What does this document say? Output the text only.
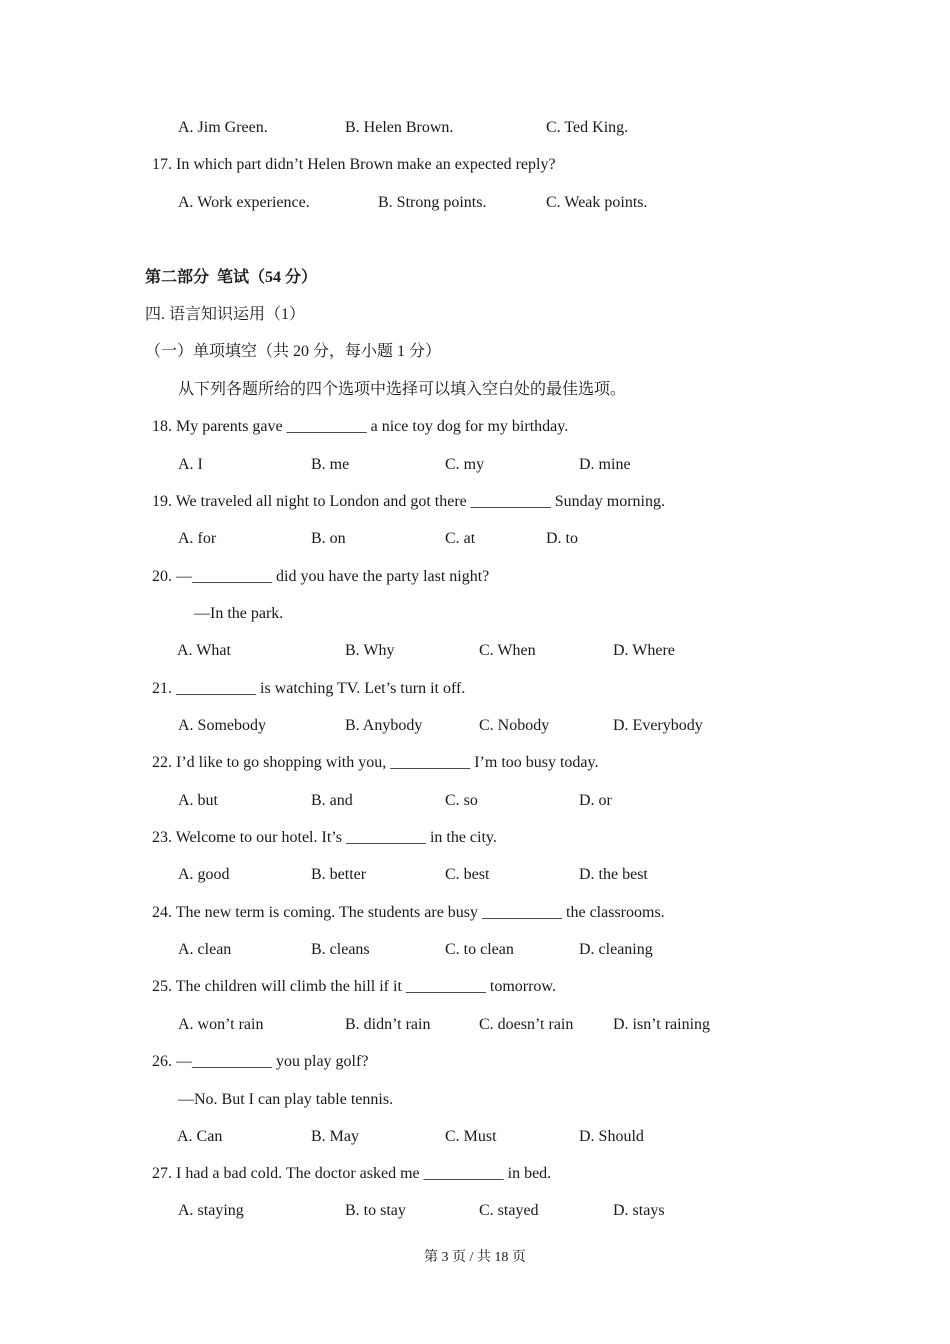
A. Jim Green.	B. Helen Brown.	C. Ted King.
17. In which part didn’t Helen Brown make an expected reply?
A. Work experience.	B. Strong points.	C. Weak points.
第二部分  笔试（54 分）
四. 语言知识运用（1）
（一）单项填空（共 20 分，每小题 1 分）
从下列各题所给的四个选项中选择可以填入空白处的最佳选项。
18. My parents gave __________ a nice toy dog for my birthday.
A. I	B. me	C. my	D. mine
19. We traveled all night to London and got there __________ Sunday morning.
A. for	B. on	C. at	D. to
20. —__________ did you have the party last night?
—In the park.
A. What	B. Why	C. When	D. Where
21. __________ is watching TV. Let’s turn it off.
A. Somebody	B. Anybody	C. Nobody	D. Everybody
22. I’d like to go shopping with you, __________ I’m too busy today.
A. but	B. and	C. so	D. or
23. Welcome to our hotel. It’s __________ in the city.
A. good	B. better	C. best	D. the best
24. The new term is coming. The students are busy __________ the classrooms.
A. clean	B. cleans	C. to clean	D. cleaning
25. The children will climb the hill if it __________ tomorrow.
A. won’t rain	B. didn’t rain	C. doesn’t rain D. isn’t raining
26. —__________ you play golf?
—No. But I can play table tennis.
A. Can	B. May	C. Must	D. Should
27. I had a bad cold. The doctor asked me __________ in bed.
A. staying	B. to stay	C. stayed	D. stays
第 3 页 / 共 18 页
